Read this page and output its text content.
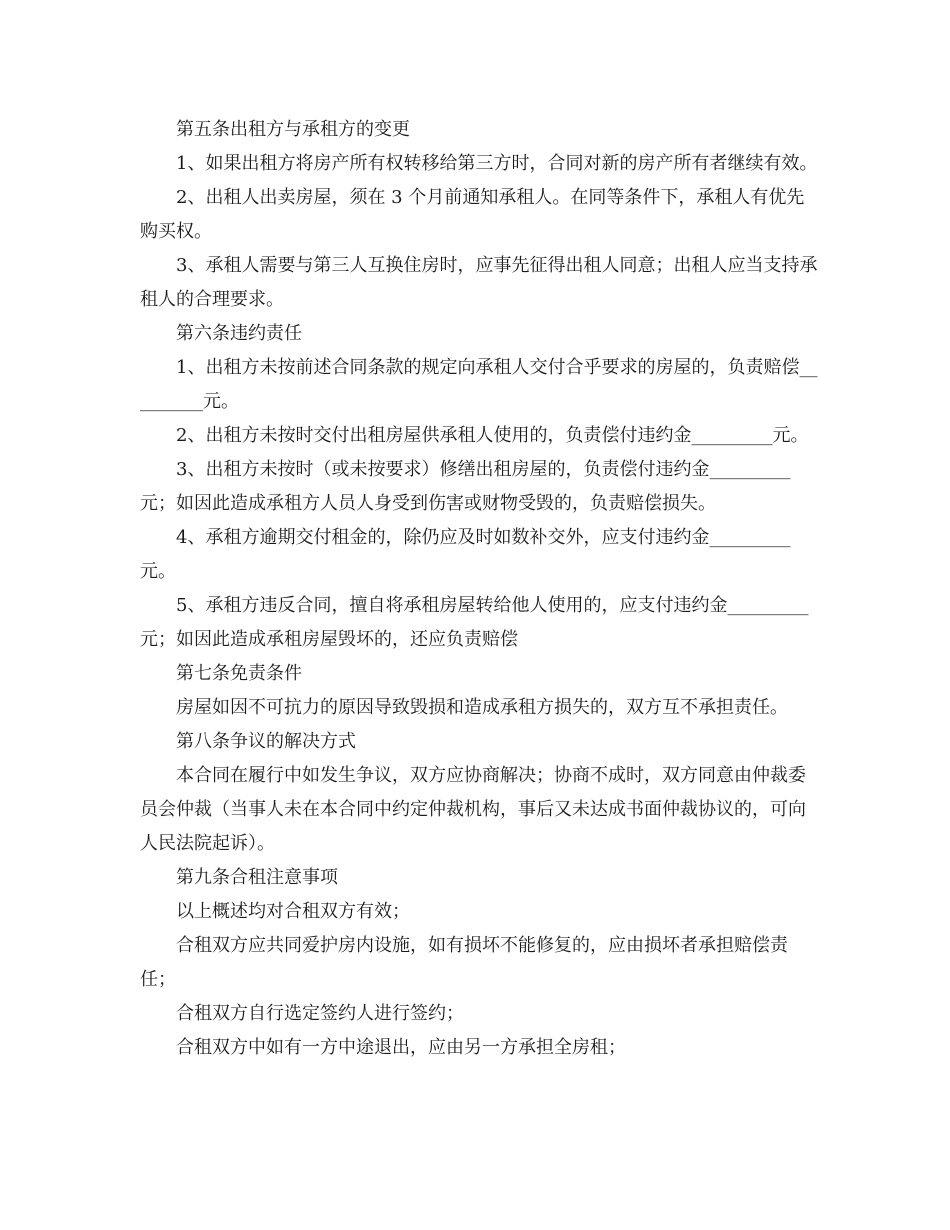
第五条出租方与承租方的变更

1、如果出租方将房产所有权转移给第三方时，合同对新的房产所有者继续有效。

2、出租人出卖房屋，须在 3 个月前通知承租人。在同等条件下，承租人有优先购买权。

3、承租人需要与第三人互换住房时，应事先征得出租人同意；出租人应当支持承租人的合理要求。

第六条违约责任

1、出租方未按前述合同条款的规定向承租人交付合乎要求的房屋的，负责赔偿_________元。

2、出租方未按时交付出租房屋供承租人使用的，负责偿付违约金_________元。

3、出租方未按时（或未按要求）修缮出租房屋的，负责偿付违约金_________元；如因此造成承租方人员人身受到伤害或财物受毁的，负责赔偿损失。

4、承租方逾期交付租金的，除仍应及时如数补交外，应支付违约金_________元。

5、承租方违反合同，擅自将承租房屋转给他人使用的，应支付违约金_________元；如因此造成承租房屋毁坏的，还应负责赔偿

第七条免责条件

房屋如因不可抗力的原因导致毁损和造成承租方损失的，双方互不承担责任。

第八条争议的解决方式

本合同在履行中如发生争议，双方应协商解决；协商不成时，双方同意由仲裁委员会仲裁（当事人未在本合同中约定仲裁机构，事后又未达成书面仲裁协议的，可向人民法院起诉）。

第九条合租注意事项

以上概述均对合租双方有效；

合租双方应共同爱护房内设施，如有损坏不能修复的，应由损坏者承担赔偿责任；

合租双方自行选定签约人进行签约；

合租双方中如有一方中途退出，应由另一方承担全房租；
